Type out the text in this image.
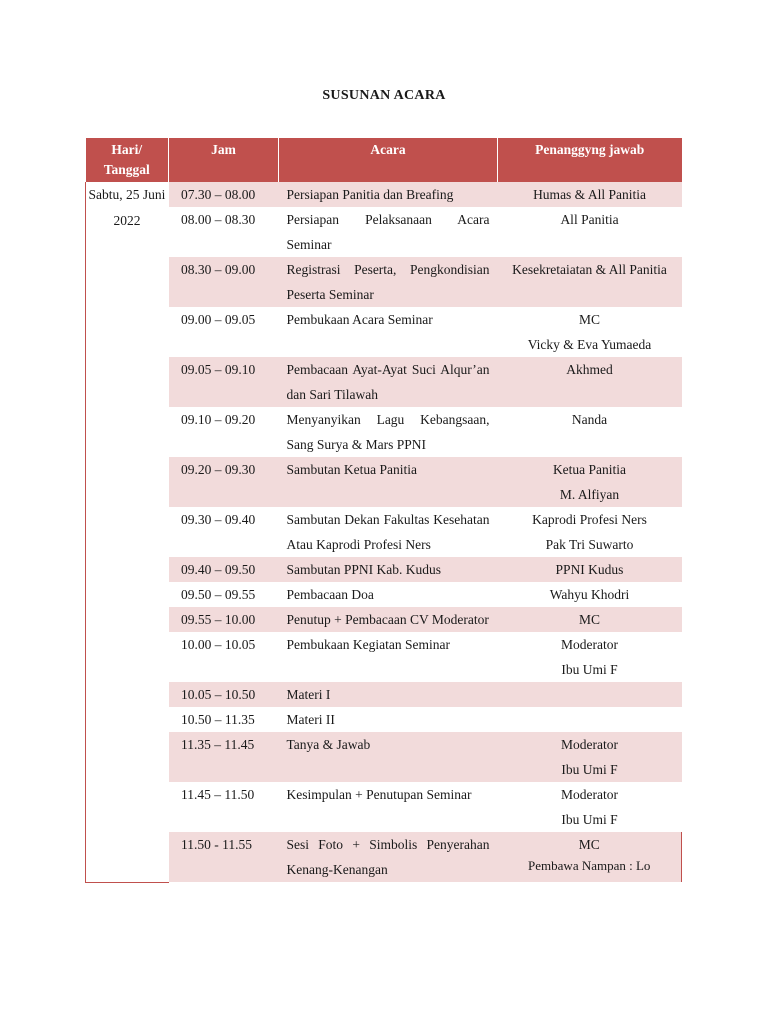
SUSUNAN ACARA
Hari/ Tanggal	Jam	Acara	Penanggyng jawab
Sabtu, 25 Juni 2022	07.30 – 08.00	Persiapan Panitia dan Breafing	Humas & All Panitia

	08.00 – 08.30	Persiapan Pelaksanaan Acara Seminar	All Panitia

	08.30 – 09.00	Registrasi Peserta, Pengkondisian Peserta Seminar	Kesekretaiatan & All Panitia

	09.00 – 09.05	Pembukaan Acara Seminar	MC
Vicky & Eva Yumaeda

	09.05 – 09.10	Pembacaan Ayat-Ayat Suci Alqur’an dan Sari Tilawah	Akhmed

	09.10 – 09.20	Menyanyikan Lagu Kebangsaan, Sang Surya & Mars PPNI	Nanda

	09.20 – 09.30	Sambutan Ketua Panitia	Ketua Panitia
M. Alfiyan

	09.30 – 09.40	Sambutan Dekan Fakultas Kesehatan Atau Kaprodi Profesi Ners	Kaprodi Profesi Ners
Pak Tri Suwarto

	09.40 – 09.50	Sambutan PPNI Kab. Kudus	PPNI Kudus

	09.50 – 09.55	Pembacaan Doa	Wahyu Khodri

	09.55 – 10.00	Penutup + Pembacaan CV Moderator	MC

	10.00 – 10.05	Pembukaan Kegiatan Seminar	Moderator
Ibu Umi F

	10.05 – 10.50	Materi I	
	10.50 – 11.35	Materi II	
	11.35 – 11.45	Tanya & Jawab	Moderator
Ibu Umi F

	11.45 – 11.50	Kesimpulan + Penutupan Seminar	Moderator
Ibu Umi F

	11.50 - 11.55	Sesi Foto + Simbolis Penyerahan Kenang-Kenangan	MC
Pembawa Nampan : Lo
